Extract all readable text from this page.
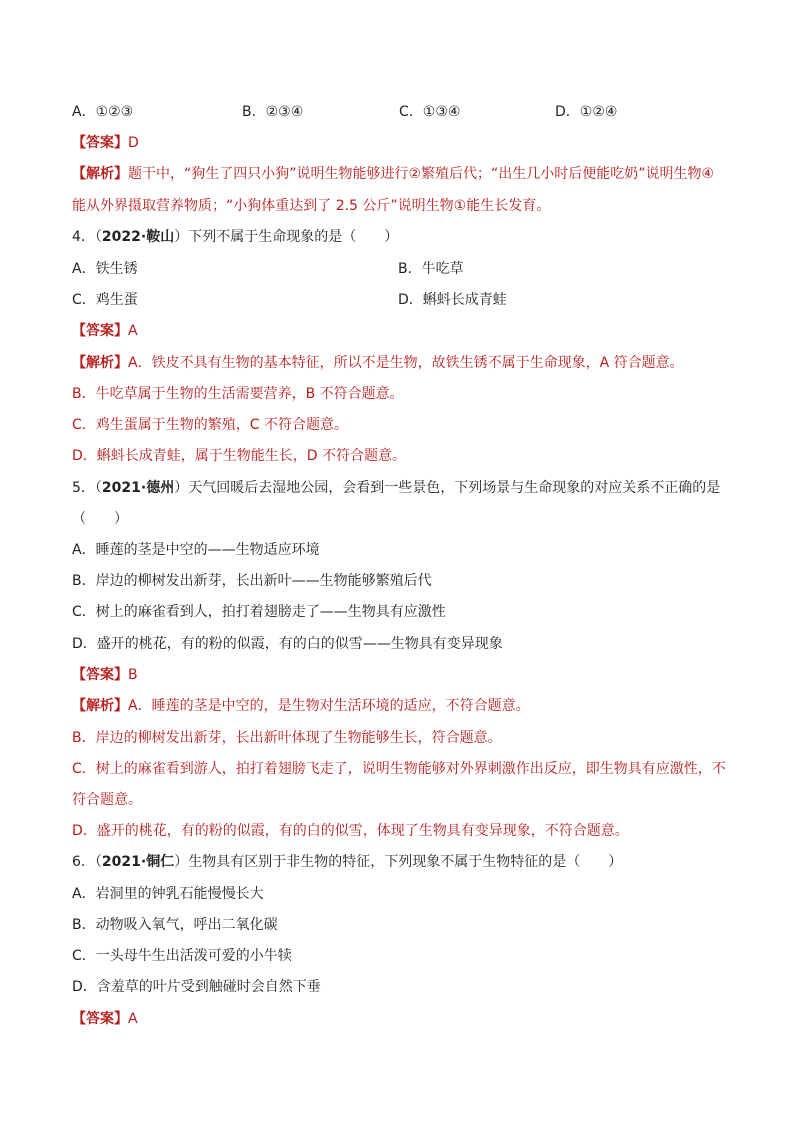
A．①②③	B．②③④	C．①③④	D．①②④
【答案】D
【解析】题干中，“狗生了四只小狗”说明生物能够进行②繁殖后代；“出生几小时后便能吃奶”说明生物④
能从外界摄取营养物质；“小狗体重达到了 2.5 公斤”说明生物①能生长发育。
4．（2022·鞍山）下列不属于生命现象的是（　　）
A．铁生锈	B．牛吃草
C．鸡生蛋	D．蝌蚪长成青蛙
【答案】A
【解析】A．铁皮不具有生物的基本特征，所以不是生物，故铁生锈不属于生命现象，A 符合题意。
B．牛吃草属于生物的生活需要营养，B 不符合题意。
C．鸡生蛋属于生物的繁殖，C 不符合题意。
D．蝌蚪长成青蛙，属于生物能生长，D 不符合题意。
5．（2021·德州）天气回暖后去湿地公园，会看到一些景色，下列场景与生命现象的对应关系不正确的是
（　　）
A．睡莲的茎是中空的——生物适应环境
B．岸边的柳树发出新芽，长出新叶——生物能够繁殖后代
C．树上的麻雀看到人，拍打着翅膀走了——生物具有应激性
D．盛开的桃花，有的粉的似霞，有的白的似雪——生物具有变异现象
【答案】B
【解析】A．睡莲的茎是中空的，是生物对生活环境的适应，不符合题意。
B．岸边的柳树发出新芽，长出新叶体现了生物能够生长，符合题意。
C．树上的麻雀看到游人，拍打着翅膀飞走了，说明生物能够对外界刺激作出反应，即生物具有应激性，不
符合题意。
D．盛开的桃花，有的粉的似霞，有的白的似雪，体现了生物具有变异现象，不符合题意。
6．（2021·铜仁）生物具有区别于非生物的特征，下列现象不属于生物特征的是（　　）
A．岩洞里的钟乳石能慢慢长大
B．动物吸入氧气，呼出二氧化碳
C．一头母牛生出活泼可爱的小牛犊
D．含羞草的叶片受到触碰时会自然下垂
【答案】A
